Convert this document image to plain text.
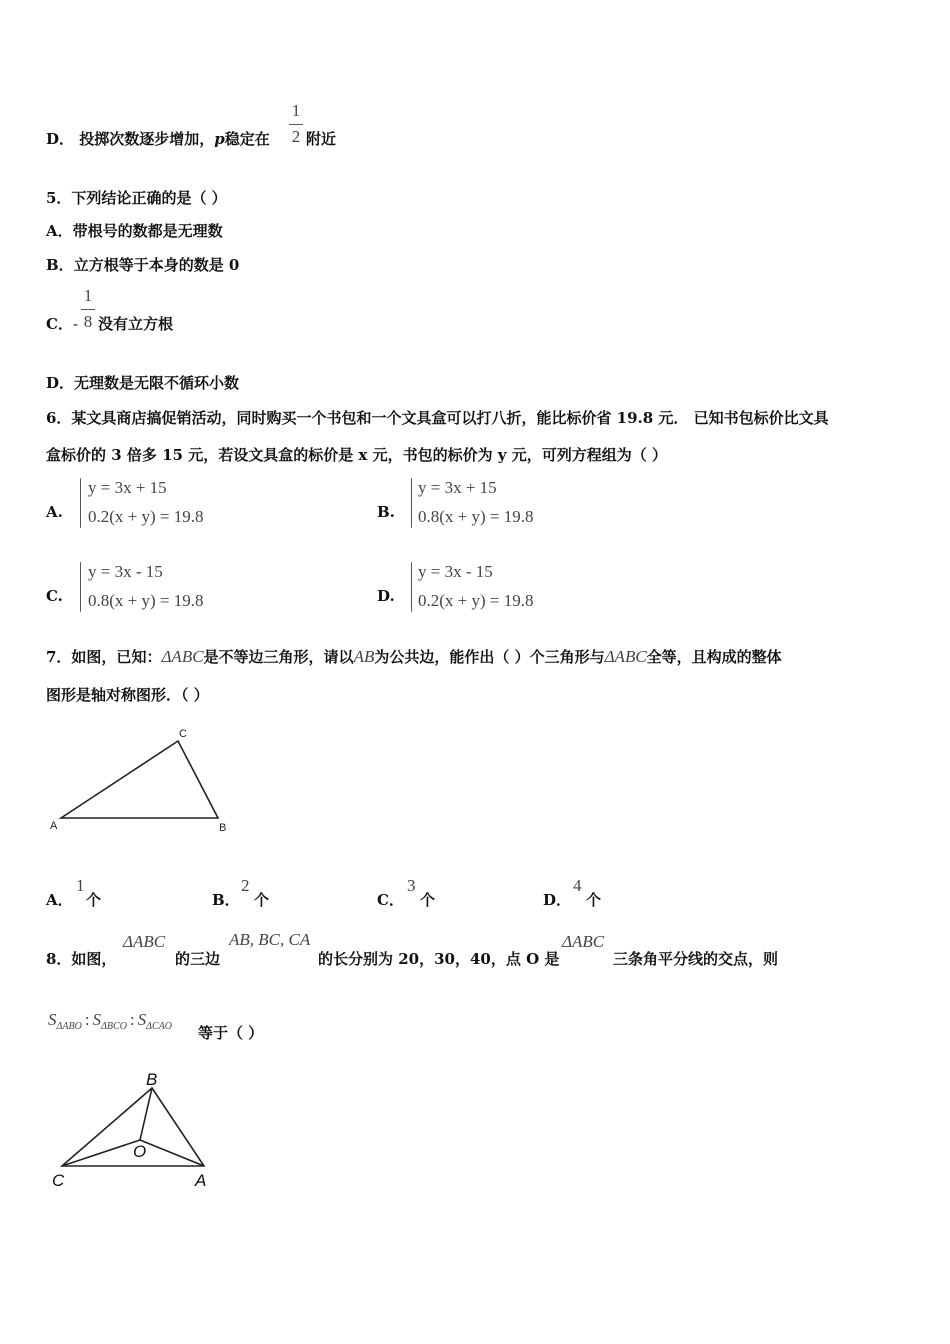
D． 投掷次数逐步增加，p稳定在
1
2 附近
5．下列结论正确的是（ ）
A．带根号的数都是无理数
B．立方根等于本身的数是 0
C．-
1
8 没有立方根
D．无理数是无限不循环小数
6．某文具商店搞促销活动，同时购买一个书包和一个文具盒可以打八折，能比标价省 19.8 元． 已知书包标价比文具
盒标价的 3 倍多 15 元，若设文具盒的标价是 x 元，书包的标价为 y 元，可列方程组为（ ）
A.
y = 3x + 15
0.2(x + y) = 19.8	B.
y = 3x + 15
0.8(x + y) = 19.8
C.
y = 3x - 15
0.8(x + y) = 19.8	D.
y = 3x - 15
0.2(x + y) = 19.8
7．如图，已知：ΔABC是不等边三角形，请以AB为公共边，能作出（ ）个三角形与ΔABC全等，且构成的整体
图形是轴对称图形．（ ）
A	B
C
A．
1
个	B．
2
个	C．
3
个	D．
4
个
8．如图，
ΔABC
的三边
AB, BC, CA
的长分别为 20，30，40，点 O 是
ΔABC
三条角平分线的交点，则
$S_{\Delta ABO}$ : $S_{\Delta BCO}$ : $S_{\Delta CAO}$ 等于（ ）
B
C	A
O
